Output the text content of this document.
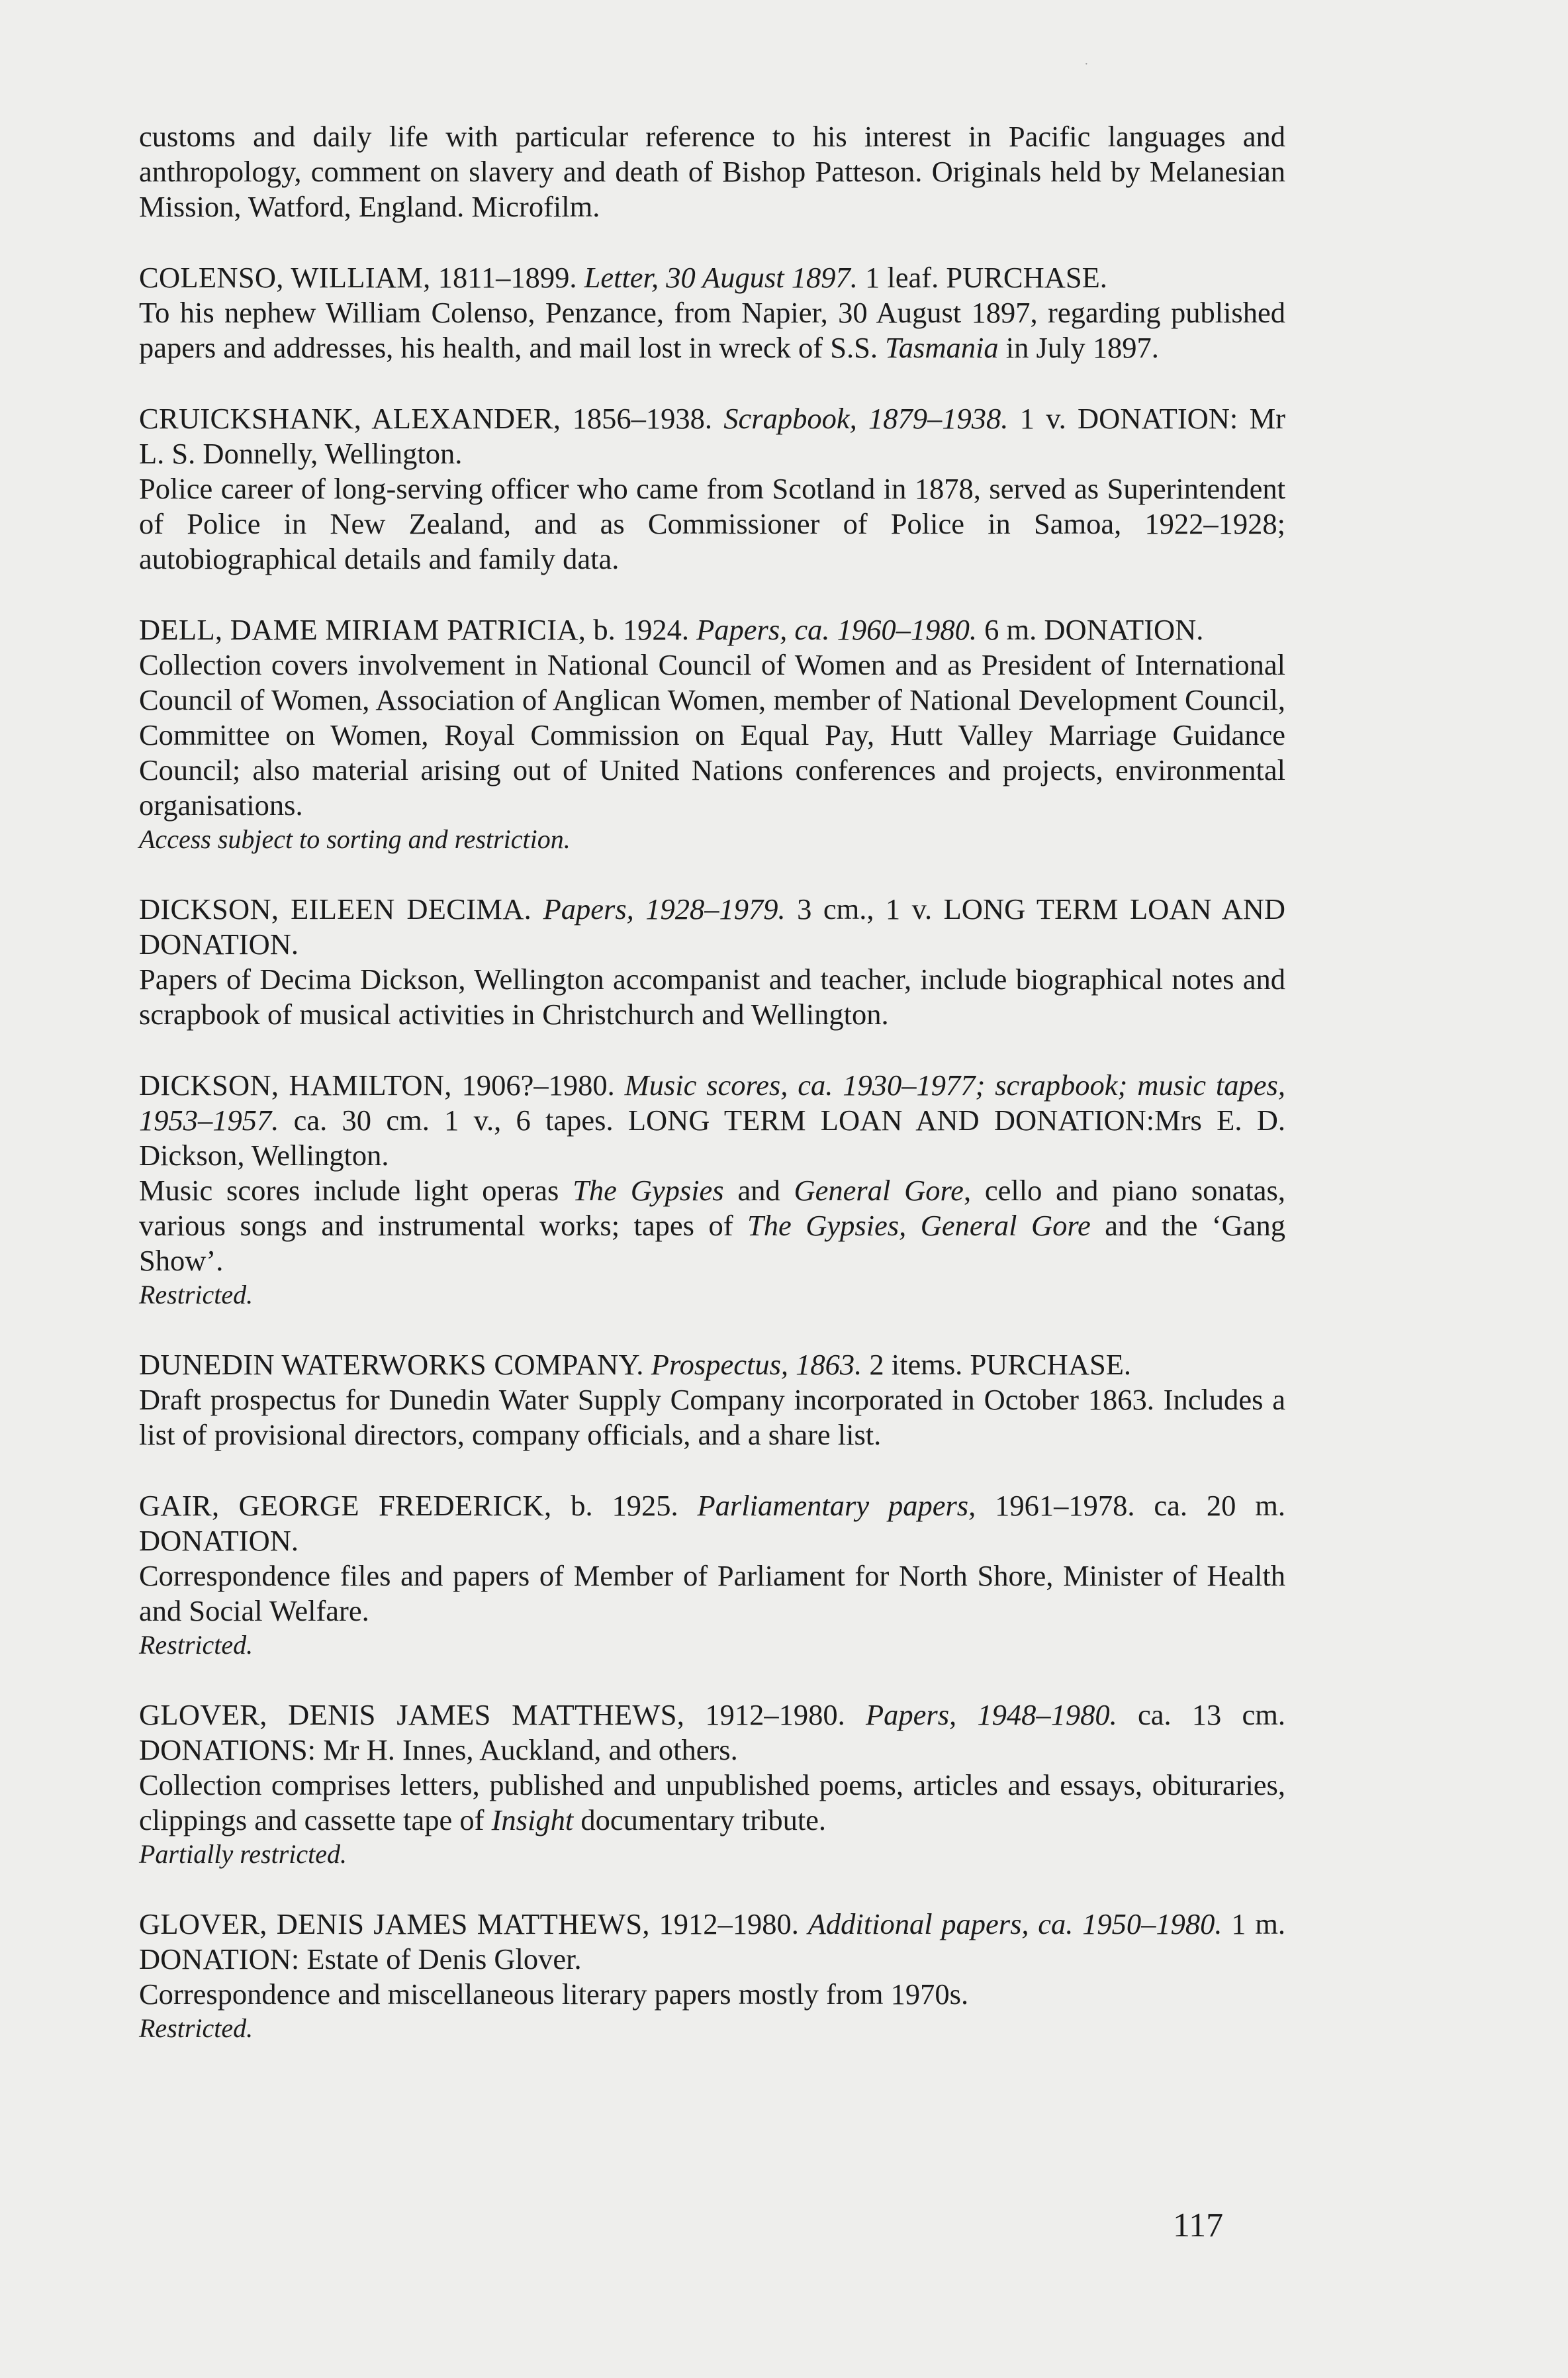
·

customs and daily life with particular reference to his interest in Pacific languages and anthropology, comment on slavery and death of Bishop Patteson. Originals held by Melanesian Mission, Watford, England. Microfilm.

COLENSO, WILLIAM, 1811–1899. Letter, 30 August 1897. 1 leaf. PURCHASE.
To his nephew William Colenso, Penzance, from Napier, 30 August 1897, regarding published papers and addresses, his health, and mail lost in wreck of S.S. Tasmania in July 1897.
CRUICKSHANK, ALEXANDER, 1856–1938. Scrapbook, 1879–1938. 1 v. DONATION: Mr L. S. Donnelly, Wellington.
Police career of long-serving officer who came from Scotland in 1878, served as Superintendent of Police in New Zealand, and as Commissioner of Police in Samoa, 1922–1928; autobiographical details and family data.
DELL, DAME MIRIAM PATRICIA, b. 1924. Papers, ca. 1960–1980. 6 m. DONATION.
Collection covers involvement in National Council of Women and as President of International Council of Women, Association of Anglican Women, member of National Development Council, Committee on Women, Royal Commission on Equal Pay, Hutt Valley Marriage Guidance Council; also material arising out of United Nations conferences and projects, environmental organisations.
Access subject to sorting and restriction.
DICKSON, EILEEN DECIMA. Papers, 1928–1979. 3 cm., 1 v. LONG TERM LOAN AND DONATION.
Papers of Decima Dickson, Wellington accompanist and teacher, include biographical notes and scrapbook of musical activities in Christchurch and Wellington.
DICKSON, HAMILTON, 1906?–1980. Music scores, ca. 1930–1977; scrapbook; music tapes, 1953–1957. ca. 30 cm. 1 v., 6 tapes. LONG TERM LOAN AND DONATION:Mrs E. D. Dickson, Wellington.
Music scores include light operas The Gypsies and General Gore, cello and piano sonatas, various songs and instrumental works; tapes of The Gypsies, General Gore and the ‘Gang Show’.
Restricted.
DUNEDIN WATERWORKS COMPANY. Prospectus, 1863. 2 items. PURCHASE.
Draft prospectus for Dunedin Water Supply Company incorporated in October 1863. Includes a list of provisional directors, company officials, and a share list.
GAIR, GEORGE FREDERICK, b. 1925. Parliamentary papers, 1961–1978. ca. 20 m. DONATION.
Correspondence files and papers of Member of Parliament for North Shore, Minister of Health and Social Welfare.
Restricted.
GLOVER, DENIS JAMES MATTHEWS, 1912–1980. Papers, 1948–1980. ca. 13 cm. DONATIONS: Mr H. Innes, Auckland, and others.
Collection comprises letters, published and unpublished poems, articles and essays, obituraries, clippings and cassette tape of Insight documentary tribute.
Partially restricted.
GLOVER, DENIS JAMES MATTHEWS, 1912–1980. Additional papers, ca. 1950–1980. 1 m. DONATION: Estate of Denis Glover.
Correspondence and miscellaneous literary papers mostly from 1970s.
Restricted.
117
